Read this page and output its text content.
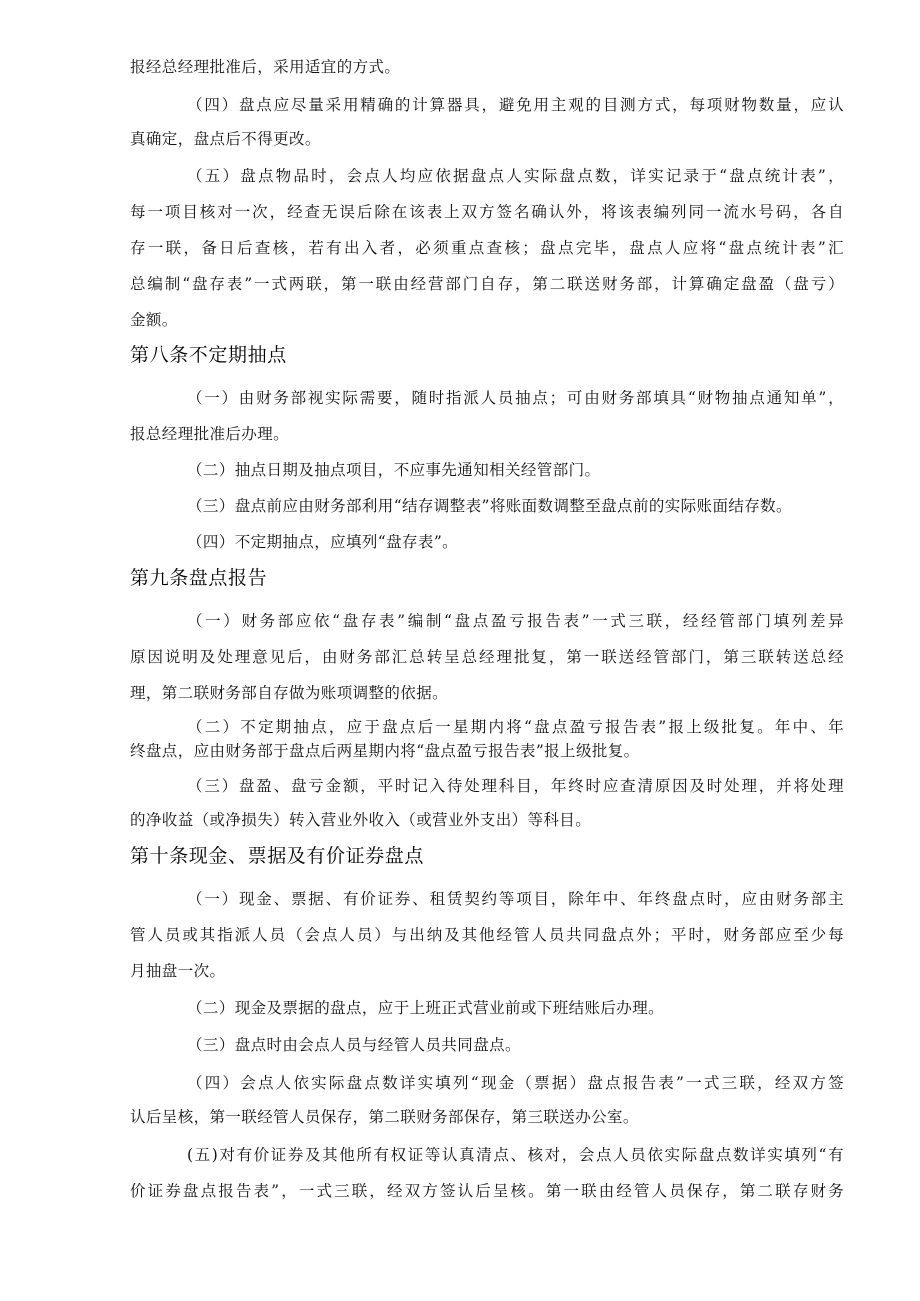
报经总经理批准后，采用适宜的方式。
（四）盘点应尽量采用精确的计算器具，避免用主观的目测方式，每项财物数量，应认
真确定，盘点后不得更改。
（五）盘点物品时，会点人均应依据盘点人实际盘点数，详实记录于“盘点统计表”，
每一项目核对一次，经查无误后除在该表上双方签名确认外，将该表编列同一流水号码，各自
存一联，备日后查核，若有出入者，必须重点查核；盘点完毕，盘点人应将“盘点统计表”汇
总编制“盘存表”一式两联，第一联由经营部门自存，第二联送财务部，计算确定盘盈（盘亏）
金额。
第八条不定期抽点
（一）由财务部视实际需要，随时指派人员抽点；可由财务部填具“财物抽点通知单”，
报总经理批准后办理。
（二）抽点日期及抽点项目，不应事先通知相关经管部门。
（三）盘点前应由财务部利用“结存调整表”将账面数调整至盘点前的实际账面结存数。
（四）不定期抽点，应填列“盘存表”。
第九条盘点报告
（一）财务部应依“盘存表”编制“盘点盈亏报告表”一式三联，经经管部门填列差异
原因说明及处理意见后，由财务部汇总转呈总经理批复，第一联送经管部门，第三联转送总经
理，第二联财务部自存做为账项调整的依据。
（二）不定期抽点，应于盘点后一星期内将“盘点盈亏报告表”报上级批复。年中、年
终盘点，应由财务部于盘点后两星期内将“盘点盈亏报告表”报上级批复。
（三）盘盈、盘亏金额，平时记入待处理科目，年终时应查清原因及时处理，并将处理
的净收益（或净损失）转入营业外收入（或营业外支出）等科目。
第十条现金、票据及有价证券盘点
（一）现金、票据、有价证券、租赁契约等项目，除年中、年终盘点时，应由财务部主
管人员或其指派人员（会点人员）与出纳及其他经管人员共同盘点外；平时，财务部应至少每
月抽盘一次。
（二）现金及票据的盘点，应于上班正式营业前或下班结账后办理。
（三）盘点时由会点人员与经管人员共同盘点。
（四）会点人依实际盘点数详实填列“现金（票据）盘点报告表”一式三联，经双方签
认后呈核，第一联经管人员保存，第二联财务部保存，第三联送办公室。
(五)对有价证券及其他所有权证等认真清点、核对，会点人员依实际盘点数详实填列“有
价证券盘点报告表”，一式三联，经双方签认后呈核。第一联由经管人员保存，第二联存财务
